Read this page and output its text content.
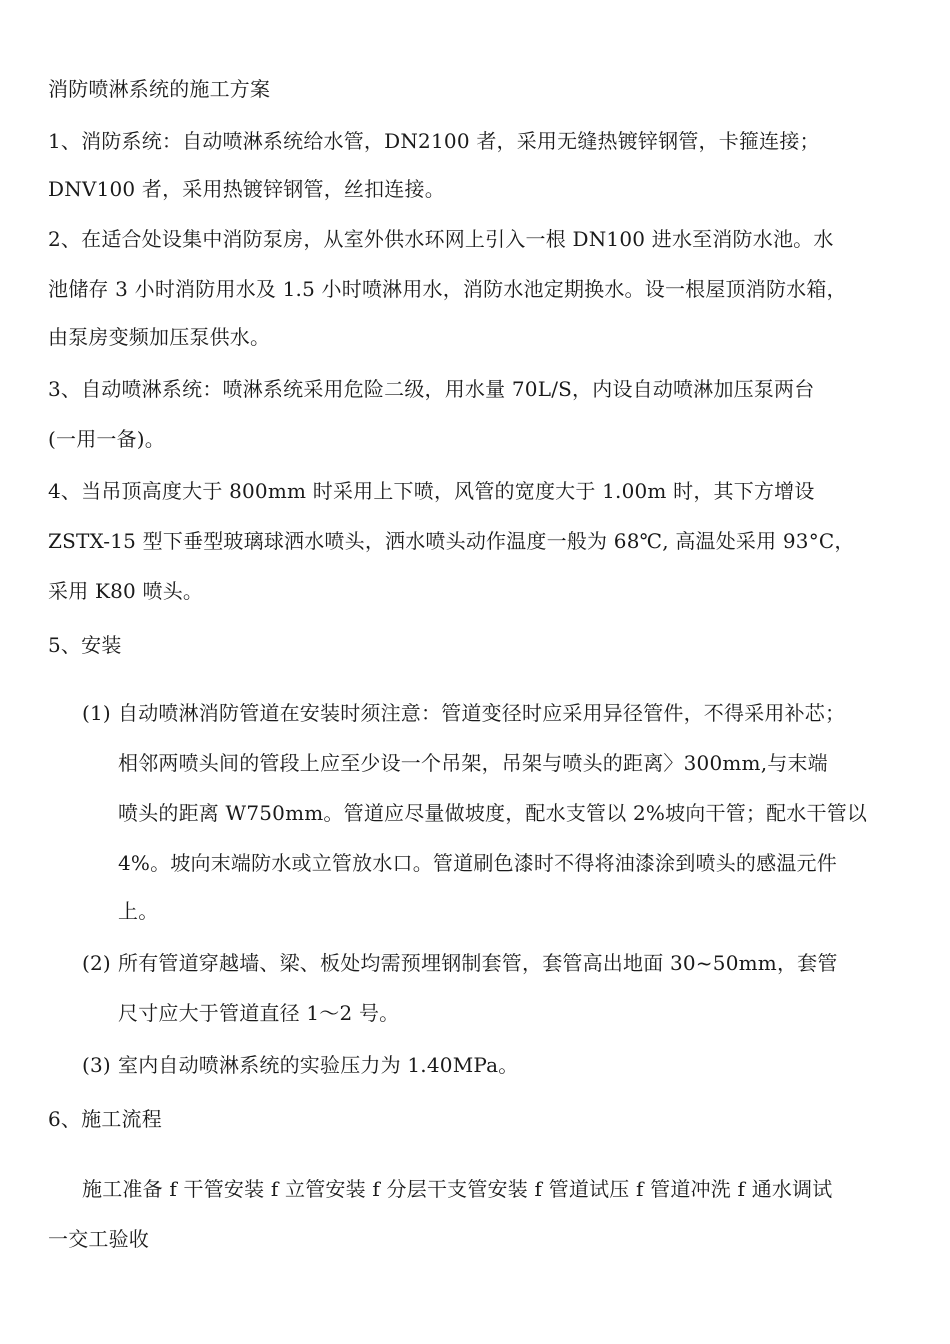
消防喷淋系统的施工方案
1、消防系统：自动喷淋系统给水管，DN2100 者，采用无缝热镀锌钢管，卡箍连接；
DNV100 者，采用热镀锌钢管，丝扣连接。
2、在适合处设集中消防泵房，从室外供水环网上引入一根 DN100 进水至消防水池。水
池储存 3 小时消防用水及 1.5 小时喷淋用水，消防水池定期换水。设一根屋顶消防水箱，
由泵房变频加压泵供水。
3、自动喷淋系统：喷淋系统采用危险二级，用水量 70L/S，内设自动喷淋加压泵两台
(一用一备)。
4、当吊顶高度大于 800mm 时采用上下喷，风管的宽度大于 1.00m 时，其下方增设
ZSTX-15 型下垂型玻璃球洒水喷头，洒水喷头动作温度一般为 68℃, 高温处采用 93°C，
采用 K80 喷头。
5、安装
(1) 自动喷淋消防管道在安装时须注意：管道变径时应采用异径管件，不得采用补芯；
相邻两喷头间的管段上应至少设一个吊架，吊架与喷头的距离〉300mm,与末端
喷头的距离 W750mm。管道应尽量做坡度，配水支管以 2%坡向干管；配水干管以
4%。坡向末端防水或立管放水口。管道刷色漆时不得将油漆涂到喷头的感温元件
上。
(2) 所有管道穿越墙、梁、板处均需预埋钢制套管，套管高出地面 30~50mm，套管
尺寸应大于管道直径 1〜2 号。
(3) 室内自动喷淋系统的实验压力为 1.40MPa。
6、施工流程
施工准备 f 干管安装 f 立管安装 f 分层干支管安装 f 管道试压 f 管道冲洗 f 通水调试
一交工验收
